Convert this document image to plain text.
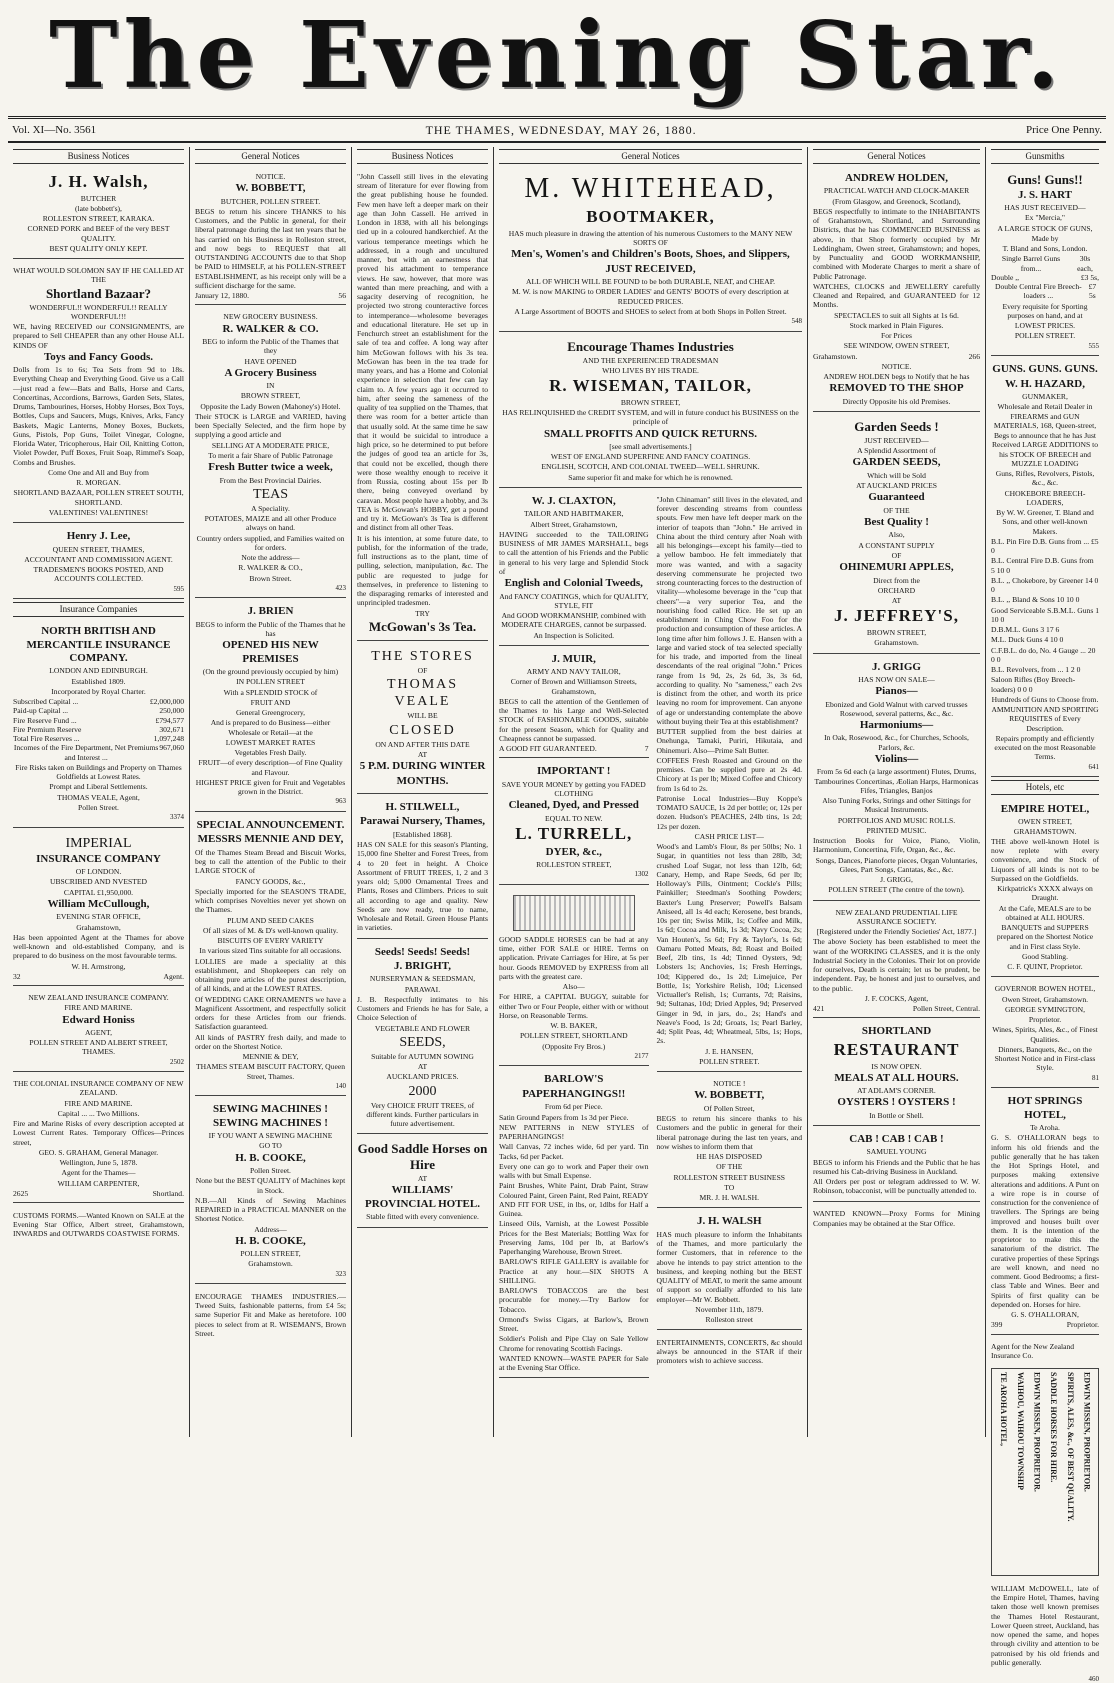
The Evening Star.
Vol. XI—No. 3561	THE THAMES, WEDNESDAY, MAY 26, 1880.	Price One Penny.
Business Notices

J. H. Walsh,

BUTCHER

(late bobbett's),

ROLLESTON STREET, KARAKA.

CORNED PORK and BEEF of the very BEST QUALITY.

BEST QUALITY ONLY KEPT.

WHAT WOULD SOLOMON SAY IF HE CALLED AT THE

Shortland Bazaar?

WONDERFUL!! WONDERFUL!! REALLY WONDERFUL!!!

WE, having RECEIVED our CONSIGNMENTS, are prepared to Sell CHEAPER than any other House ALL KINDS OF

Toys and Fancy Goods.

Dolls from 1s to 6s; Tea Sets from 9d to 18s. Everything Cheap and Everything Good. Give us a Call—just read a few—Bats and Balls, Horse and Carts, Concertinas, Accordions, Barrows, Garden Sets, Slates, Drums, Tambourines, Horses, Hobby Horses, Box Toys, Bottles, Cups and Saucers, Mugs, Knives, Arks, Fancy Baskets, Magic Lanterns, Money Boxes, Buckets, Guns, Pistols, Pop Guns, Toilet Vinegar, Cologne, Florida Water, Tricopherous, Hair Oil, Knitting Cotton, Violet Powder, Puff Boxes, Fruit Soap, Rimmel's Soap, Combs and Brushes.

Come One and All and Buy from

R. MORGAN.

SHORTLAND BAZAAR, POLLEN STREET SOUTH, SHORTLAND.

VALENTINES! VALENTINES!

Henry J. Lee,

QUEEN STREET, THAMES,

ACCOUNTANT AND COMMISSION AGENT.

TRADESMEN'S BOOKS POSTED, AND ACCOUNTS COLLECTED.

595

Insurance Companies

NORTH BRITISH AND MERCANTILE INSURANCE COMPANY.

LONDON AND EDINBURGH.

Established 1809.

Incorporated by Royal Charter.

Subscribed Capital ...	£2,000,000
Paid-up Capital ...	250,000
Fire Reserve Fund ...	£794,577
Fire Premium Reserve	302,671
Total Fire Reserves ...	1,097,248
Incomes of the Fire Department, Net Premiums and Interest ...
967,060

Fire Risks taken on Buildings and Property on Thames Goldfields at Lowest Rates.

Prompt and Liberal Settlements.

THOMAS VEALE, Agent,

Pollen Street.

3374

IMPERIAL

INSURANCE COMPANY

OF LONDON.

UBSCRIBED AND NVESTED

CAPITAL £1,950,000.

William McCullough,

EVENING STAR OFFICE,

Grahamstown,

Has been appointed Agent at the Thames for above well-known and old-established Company, and is prepared to do business on the most favourable terms.

W. H. Armstrong,

32	Agent.

NEW ZEALAND INSURANCE COMPANY.

FIRE AND MARINE.

Edward Honiss

AGENT,

POLLEN STREET AND ALBERT STREET, THAMES.

2502

THE COLONIAL INSURANCE COMPANY OF NEW ZEALAND.

FIRE AND MARINE.

Capital ... ... Two Millions.

Fire and Marine Risks of every description accepted at Lowest Current Rates. Temporary Offices—Princes street,

GEO. S. GRAHAM, General Manager.

Wellington, June 5, 1878.

Agent for the Thames—

WILLIAM CARPENTER,

2625	Shortland.

CUSTOMS FORMS.—Wanted Known on SALE at the Evening Star Office, Albert street, Grahamstown, INWARDS and OUTWARDS COASTWISE FORMS.

General Notices

NOTICE.

W. BOBBETT,

BUTCHER, POLLEN STREET.

BEGS to return his sincere THANKS to his Customers, and the Public in general, for their liberal patronage during the last ten years that he has carried on his Business in Rolleston street, and now begs to REQUEST that all OUTSTANDING ACCOUNTS due to that Shop be PAID to HIMSELF, at his POLLEN-STREET ESTABLISHMENT, as his receipt only will be a sufficient discharge for the same.

January 12, 1880.	56

NEW GROCERY BUSINESS.

R. WALKER & CO.

BEG to inform the Public of the Thames that they

HAVE OPENED

A Grocery Business

IN

BROWN STREET,

Opposite the Lady Bowen (Mahoney's) Hotel.

Their STOCK is LARGE and VARIED, having been Specially Selected, and the firm hope by supplying a good article and

SELLING AT A MODERATE PRICE,

To merit a fair Share of Public Patronage

Fresh Butter twice a week,

From the Best Provincial Dairies.

TEAS

A Speciality.

POTATOES, MAIZE and all other Produce always on hand.

Country orders supplied, and Families waited on for orders.

Note the address—

R. WALKER & CO.,

Brown Street.

423

J. BRIEN

BEGS to inform the Public of the Thames that he has

OPENED HIS NEW PREMISES

(On the ground previously occupied by him)

IN POLLEN STREET

With a SPLENDID STOCK of

FRUIT AND

General Greengrocery,

And is prepared to do Business—either Wholesale or Retail—at the

LOWEST MARKET RATES

Vegetables Fresh Daily.

FRUIT—of every description—of Fine Quality and Flavour.

HIGHEST PRICE given for Fruit and Vegetables grown in the District.

963

SPECIAL ANNOUNCEMENT.

MESSRS MENNIE AND DEY,

Of the Thames Steam Bread and Biscuit Works, beg to call the attention of the Public to their LARGE STOCK of

FANCY GOODS, &c.,

Specially imported for the SEASON'S TRADE, which comprises Novelties never yet shown on the Thames.

PLUM AND SEED CAKES

Of all sizes of M. & D's well-known quality.

BISCUITS OF EVERY VARIETY

In various sized Tins suitable for all occasions.

LOLLIES are made a speciality at this establishment, and Shopkeepers can rely on obtaining pure articles of the purest description, of all kinds, and at the LOWEST RATES.

Of WEDDING CAKE ORNAMENTS we have a Magnificent Assortment, and respectfully solicit orders for these Articles from our friends. Satisfaction guaranteed.

All kinds of PASTRY fresh daily, and made to order on the Shortest Notice.

MENNIE & DEY,

THAMES STEAM BISCUIT FACTORY, Queen Street, Thames.

140

SEWING MACHINES ! SEWING MACHINES !

IF YOU WANT A SEWING MACHINE

GO TO

H. B. COOKE,

Pollen Street.

None but the BEST QUALITY of Machines kept in Stock.

N.B.—All Kinds of Sewing Machines REPAIRED in a PRACTICAL MANNER on the Shortest Notice.

Address—

H. B. COOKE,

POLLEN STREET,

Grahamstown.

323

ENCOURAGE THAMES INDUSTRIES.—Tweed Suits, fashionable patterns, from £4 5s; same Superior Fit and Make as heretofore. 100 pieces to select from at R. WISEMAN'S, Brown Street.

Business Notices

"John Cassell still lives in the elevating stream of literature for ever flowing from the great publishing house he founded. Few men have left a deeper mark on their age than John Cassell. He arrived in London in 1838, with all his belongings tied up in a coloured handkerchief. At the various temperance meetings which he addressed, in a rough and uncultured manner, but with an earnestness that proved his attachment to temperance views. He saw, however, that more was wanted than mere preaching, and with a sagacity deserving of recognition, he projected two strong counteractive forces to intemperance—wholesome beverages and educational literature. He set up in Fenchurch street an establishment for the sale of tea and coffee. A long way after him McGowan follows with his 3s tea. McGowan has been in the tea trade for many years, and has a Home and Colonial experience in selection that few can lay claim to. A few years ago it occurred to him, after seeing the sameness of the quality of tea supplied on the Thames, that there was room for a better article than that usually sold. At the same time he saw that it would be suicidal to introduce a high price, so he determined to put before the judges of good tea an article for 3s, that could not be excelled, though there were those wealthy enough to receive it from Russia, costing about 15s per lb there, being conveyed overland by caravan. Most people have a hobby, and 3s TEA is McGowan's HOBBY, get a pound and try it. McGowan's 3s Tea is different and distinct from all other Teas.

It is his intention, at some future date, to publish, for the information of the trade, full instructions as to the plant, time of pulling, selection, manipulation, &c. The public are requested to judge for themselves, in preference to listening to the disparaging remarks of interested and unprincipled tradesmen.

TRY

McGowan's 3s Tea.

THE STORES

OF

THOMAS VEALE

WILL BE

CLOSED

ON AND AFTER THIS DATE

AT

5 P.M. DURING WINTER

MONTHS.

H. STILWELL,

Parawai Nursery, Thames,

[Established 1868].

HAS ON SALE for this season's Planting, 15,000 fine Shelter and Forest Trees, from 4 to 20 feet in height. A Choice Assortment of FRUIT TREES, 1, 2 and 3 years old; 5,000 Ornamental Trees and Plants, Roses and Climbers. Prices to suit all according to age and quality. New Seeds are now ready, true to name, Wholesale and Retail. Green House Plants in varieties.

Seeds! Seeds! Seeds!

J. BRIGHT,

NURSERYMAN & SEEDSMAN,

PARAWAI.

J. B. Respectfully intimates to his Customers and Friends he has for Sale, a Choice Selection of

VEGETABLE AND FLOWER

SEEDS,

Suitable for AUTUMN SOWING

AT

AUCKLAND PRICES.

2000

Very CHOICE FRUIT TREES, of different kinds. Further particulars in future advertisement.

Good Saddle Horses on Hire

AT

WILLIAMS' PROVINCIAL HOTEL.

Stable fitted with every convenience.

General Notices

M. WHITEHEAD,

BOOTMAKER,

HAS much pleasure in drawing the attention of his numerous Customers to the MANY NEW SORTS OF

Men's, Women's and Children's Boots, Shoes, and Slippers,

JUST RECEIVED,

ALL OF WHICH WILL BE FOUND to be both DURABLE, NEAT, and CHEAP.

M. W. is now MAKING to ORDER LADIES' and GENTS' BOOTS of every description at REDUCED PRICES.

A Large Assortment of BOOTS and SHOES to select from at both Shops in Pollen Street.

548

Encourage Thames Industries

AND THE EXPERIENCED TRADESMAN

WHO LIVES BY HIS TRADE.

R. WISEMAN, TAILOR,

BROWN STREET,

HAS RELINQUISHED the CREDIT SYSTEM, and will in future conduct his BUSINESS on the principle of

SMALL PROFITS AND QUICK RETURNS.

[see small advertisements.]

WEST OF ENGLAND SUPERFINE AND FANCY COATINGS.

ENGLISH, SCOTCH, AND COLONIAL TWEED—WELL SHRUNK.

Same superior fit and make for which he is renowned.

W. J. CLAXTON,

TAILOR AND HABITMAKER,

Albert Street, Grahamstown,

HAVING succeeded to the TAILORING BUSINESS of MR JAMES MARSHALL, begs to call the attention of his Friends and the Public in general to his very large and Splendid Stock of

English and Colonial Tweeds,

And FANCY COATINGS, which for QUALITY, STYLE, FIT

And GOOD WORKMANSHIP, combined with MODERATE CHARGES, cannot be surpassed.

An Inspection is Solicited.

J. MUIR,

ARMY AND NAVY TAILOR,

Corner of Brown and Williamson Streets, Grahamstown,

BEGS to call the attention of the Gentlemen of the Thames to his Large and Well-Selected STOCK of FASHIONABLE GOODS, suitable for the present Season, which for Quality and Cheapness cannot be surpassed.

A GOOD FIT GUARANTEED.	7

IMPORTANT !

SAVE YOUR MONEY by getting you FADED CLOTHING

Cleaned, Dyed, and Pressed

EQUAL TO NEW.

L. TURRELL,

DYER, &c.,

ROLLESTON STREET,

1302

GOOD SADDLE HORSES can be had at any time, either FOR SALE or HIRE. Terms on application. Private Carriages for Hire, at 5s per hour. Goods REMOVED by EXPRESS from all parts with the greatest care.

Also—

For HIRE, a CAPITAL BUGGY, suitable for either Two or Four People, either with or without Horse, on Reasonable Terms.

W. B. BAKER,

POLLEN STREET, SHORTLAND

(Opposite Fry Bros.)

2177

BARLOW'S

PAPERHANGINGS!!

From 6d per Piece.

Satin Ground Papers from 1s 3d per Piece.

NEW PATTERNS in NEW STYLES of PAPERHANGINGS!

Wall Canvas, 72 inches wide, 6d per yard. Tin Tacks, 6d per Packet.

Every one can go to work and Paper their own walls with but Small Expense.

Paint Brushes, White Paint, Drab Paint, Straw Coloured Paint, Green Paint, Red Paint, READY AND FIT FOR USE, in lbs, or, 1dlbs for Half a Guinea.

Linseed Oils, Varnish, at the Lowest Possible Prices for the Best Materials; Bottling Wax for Preserving Jams, 10d per lb, at Barlow's Paperhanging Warehouse, Brown Street.

BARLOW'S RIFLE GALLERY is available for Practice at any hour.—SIX SHOTS A SHILLING.

BARLOW'S TOBACCOS are the best procurable for money.—Try Barlow for Tobacco.

Ormond's Swiss Cigars, at Barlow's, Brown Street.

Soldier's Polish and Pipe Clay on Sale Yellow Chrome for renovating Scottish Facings.

WANTED KNOWN—WASTE PAPER for Sale at the Evening Star Office.

"John Chinaman" still lives in the elevated, and forever descending streams from countless spouts. Few men have left deeper mark on the interior of teapots than "John." He arrived in China about the third century after Noah with all his belongings—except his family—tied to a yellow bamboo. He felt immediately that more was wanted, and with a sagacity deserving commensurate he projected two strong counteracting forces to the destruction of vitality—wholesome beverage in the "cup that cheers"—a very superior Tea, and the nourishing food called Rice. He set up an establishment in Ching Chow Foo for the production and consumption of these articles. A long time after him follows J. E. Hansen with a large and varied stock of tea selected specially for his trade, and imported from the lineal descendants of the real original "John." Prices range from 1s 9d, 2s, 2s 6d, 3s, 3s 6d, according to quality. No "sameness," each 2vs is distinct from the other, and worth its price leaving no room for improvement. Can anyone of age or understanding contemplate the above without buying their Tea at this establishment?

BUTTER supplied from the best dairies at Onehunga, Tamaki, Puriri, Hikutaia, and Ohinemuri. Also—Prime Salt Butter.

COFFEES Fresh Roasted and Ground on the premises. Can be supplied pure at 2s 4d. Chicory at 1s per lb; Mixed Coffee and Chicory from 1s 6d to 2s.

Patronise Local Industries—Buy Koppe's TOMATO SAUCE, 1s 2d per bottle; or, 12s per dozen. Hudson's PEACHES, 24lb tins, 1s 2d; 12s per dozen.

CASH PRICE LIST—

Wood's and Lamb's Flour, 8s per 50lbs; No. 1 Sugar, in quantities not less than 28lb, 3d; crushed Loaf Sugar, not less than 12lb, 6d; Canary, Hemp, and Rape Seeds, 6d per lb; Holloway's Pills, Ointment; Cockle's Pills; Painkiller; Steedman's Soothing Powders; Baxter's Lung Preserver; Powell's Balsam Aniseed, all 1s 4d each; Kerosene, best brands, 10s per tin; Swiss Milk, 1s; Coffee and Milk, 1s 6d; Cocoa and Milk, 1s 3d; Navy Cocoa, 2s; Van Houten's, 5s 6d; Fry & Taylor's, 1s 6d; Oamaru Potted Meats, 8d; Roast and Boiled Beef, 2lb tins, 1s 4d; Tinned Oysters, 9d; Lobsters 1s; Anchovies, 1s; Fresh Herrings, 10d; Kippered do., 1s 2d; Limejuice, Per Bottle, 1s; Yorkshire Relish, 10d; Licensed Victualler's Relish, 1s; Currants, 7d; Raisins, 9d; Sultanas, 10d; Dried Apples, 9d; Preserved Ginger in 9d, in jars, do., 2s; Hand's and Neave's Food, 1s 2d; Groats, 1s; Pearl Barley, 4d; Split Peas, 4d; Wheatmeal, 5lbs, 1s; Hops, 2s.

J. E. HANSEN,

POLLEN STREET.

NOTICE !

W. BOBBETT,

Of Pollen Street,

BEGS to return his sincere thanks to his Customers and the public in general for their liberal patronage during the last ten years, and now wishes to inform them that

HE HAS DISPOSED

OF THE

ROLLESTON STREET BUSINESS

TO

MR. J. H. WALSH.

J. H. WALSH

HAS much pleasure to inform the Inhabitants of the Thames, and more particularly the former Customers, that in reference to the above he intends to pay strict attention to the business, and keeping nothing but the BEST QUALITY of MEAT, to merit the same amount of support so cordially afforded to his late employer—Mr W. Bobbett.

November 11th, 1879.

Rolleston street

ENTERTAINMENTS, CONCERTS, &c should always be announced in the STAR if their promoters wish to achieve success.

General Notices

ANDREW HOLDEN,

PRACTICAL WATCH AND CLOCK-MAKER

(From Glasgow, and Greenock, Scotland),

BEGS respectfully to intimate to the INHABITANTS of Grahamstown, Shortland, and Surrounding Districts, that he has COMMENCED BUSINESS as above, in that Shop formerly occupied by Mr Leddingham, Owen street, Grahamstown; and hopes, by Punctuality and GOOD WORKMANSHIP, combined with Moderate Charges to merit a share of Public Patronage.

WATCHES, CLOCKS and JEWELLERY carefully Cleaned and Repaired, and GUARANTEED for 12 Months.

SPECTACLES to suit all Sights at 1s 6d.

Stock marked in Plain Figures.

For Prices

SEE WINDOW, OWEN STREET,

Grahamstown.	266

NOTICE.

ANDREW HOLDEN begs to Notify that he has

REMOVED TO THE SHOP

Directly Opposite his old Premises.

Garden Seeds !

JUST RECEIVED—

A Splendid Assortment of

GARDEN SEEDS,

Which will be Sold

AT AUCKLAND PRICES

Guaranteed

OF THE

Best Quality !

Also,

A CONSTANT SUPPLY

OF

OHINEMURI APPLES,

Direct from the

ORCHARD

AT

J. JEFFREY'S,

BROWN STREET,

Grahamstown.

J. GRIGG

HAS NOW ON SALE—

Pianos—

Ebonized and Gold Walnut with carved trusses Rosewood, several patterns, &c., &c.

Harmoniums—

In Oak, Rosewood, &c., for Churches, Schools, Parlors, &c.

Violins—

From 5s 6d each (a large assortment) Flutes, Drums, Tambourines Concertinas, Æolian Harps, Harmonicas Fifes, Triangles, Banjos

Also Tuning Forks, Strings and other Sittings for Musical Instruments.

PORTFOLIOS AND MUSIC ROLLS.

PRINTED MUSIC.

Instruction Books for Voice, Piano, Violin, Harmonium, Concertina, Fife, Organ, &c., &c.

Songs, Dances, Pianoforte pieces, Organ Voluntaries, Glees, Part Songs, Cantatas, &c., &c.

J. GRIGG,

POLLEN STREET (The centre of the town).

NEW ZEALAND PRUDENTIAL LIFE ASSURANCE SOCIETY.

[Registered under the Friendly Societies' Act, 1877.]

The above Society has been established to meet the want of the WORKING CLASSES, and it is the only Industrial Society in the Colonies. Their lot on provide for ourselves, Death is certain; let us be prudent, be independent. Pay, be honest and just to ourselves, and to the public.

J. F. COCKS, Agent,

421	Pollen Street, Central.

SHORTLAND

RESTAURANT

IS NOW OPEN.

MEALS AT ALL HOURS.

AT ADLAM'S CORNER.

OYSTERS ! OYSTERS !

In Bottle or Shell.

CAB ! CAB ! CAB !

SAMUEL YOUNG

BEGS to inform his Friends and the Public that he has resumed his Cab-driving Business in Auckland.

All Orders per post or telegram addressed to W. W. Robinson, tobacconist, will be punctually attended to.

WANTED KNOWN—Proxy Forms for Mining Companies may be obtained at the Star Office.

Gunsmiths

Guns! Guns!!

J. S. HART

HAS JUST RECEIVED—

Ex "Mercia,"

A LARGE STOCK OF GUNS,

Made by

T. Bland and Sons, London.

Single Barrel Guns from...
30s each,
Double ,,	£3 5s,
Double Central Fire Breech-loaders ...
£7 5s

Every requisite for Sporting purposes on hand, and at

LOWEST PRICES.

POLLEN STREET.

555

GUNS. GUNS. GUNS.

W. H. HAZARD,

GUNMAKER,

Wholesale and Retail Dealer in FIREARMS and GUN MATERIALS, 168, Queen-street,

Begs to announce that he has Just Received LARGE ADDITIONS to his STOCK OF BREECH and MUZZLE LOADING

Guns, Rifles, Revolvers, Pistols, &c., &c.

CHOKEBORE BREECH-LOADERS,

By W. W. Greener, T. Bland and Sons, and other well-known Makers.

B.L. Pin Fire D.B. Guns from ... £5 0

B.L. Central Fire D.B. Guns from 5 10 0

B.L. ,, Chokebore, by Greener 14 0 0

B.L. ,, Bland & Sons 10 10 0

Good Serviceable S.B.M.L. Guns 1 10 0

D.B.M.L. Guns 3 17 6

M.L. Duck Guns 4 10 0

C.F.B.L. do do, No. 4 Gauge ... 20 0 0

B.L. Revolvers, from ... 1 2 0

Saloon Rifles (Boy Breech-loaders) 0 0 0

Hundreds of Guns to Choose from.

AMMUNITION AND SPORTING REQUISITES of Every Description.

Repairs promptly and efficiently executed on the most Reasonable Terms.

641

Hotels, etc

EMPIRE HOTEL,

OWEN STREET, GRAHAMSTOWN.

THE above well-known Hotel is now replete with every convenience, and the Stock of Liquors of all kinds is not to be Surpassed on the Goldfields.

Kirkpatrick's XXXX always on Draught.

At the Cafe, MEALS are to be obtained at ALL HOURS.

BANQUETS and SUPPERS prepared on the Shortest Notice and in First class Style.

Good Stabling.

C. F. QUINT, Proprietor.

GOVERNOR BOWEN HOTEL,

Owen Street, Grahamstown.

GEORGE SYMINGTON,

Proprietor.

Wines, Spirits, Ales, &c., of Finest Qualities.

Dinners, Banquets, &c., on the Shortest Notice and in First-class Style.

81

HOT SPRINGS HOTEL,

Te Aroha.

G. S. O'HALLORAN begs to inform his old friends and the public generally that he has taken the Hot Springs Hotel, and purposes making extensive alterations and additions. A Punt on a wire rope is in course of construction for the convenience of travellers. The Springs are being improved and houses built over them. It is the intention of the proprietor to make this the sanatorium of the district. The curative properties of these Springs are well known, and need no comment. Good Bedrooms; a first-class Table and Wines. Beer and Spirits of first quality can be depended on. Horses for hire.

G. S. O'HALLORAN,

399	Proprietor.

Agent for the New Zealand Insurance Co.

TE AROHA HOTEL, WAIHOU, WAIHOU TOWNSHIP EDWIN MISSEN, PROPRIETOR. SADDLE HORSES FOR HIRE. SPIRITS, ALES, &c., OF BEST QUALITY. EDWIN MISSEN, PROPRIETOR.

WILLIAM McDOWELL, late of the Empire Hotel, Thames, having taken those well known premises the Thames Hotel Restaurant, Lower Queen street, Auckland, has now opened the same, and hopes through civility and attention to be patronised by his old friends and public generally.

460
